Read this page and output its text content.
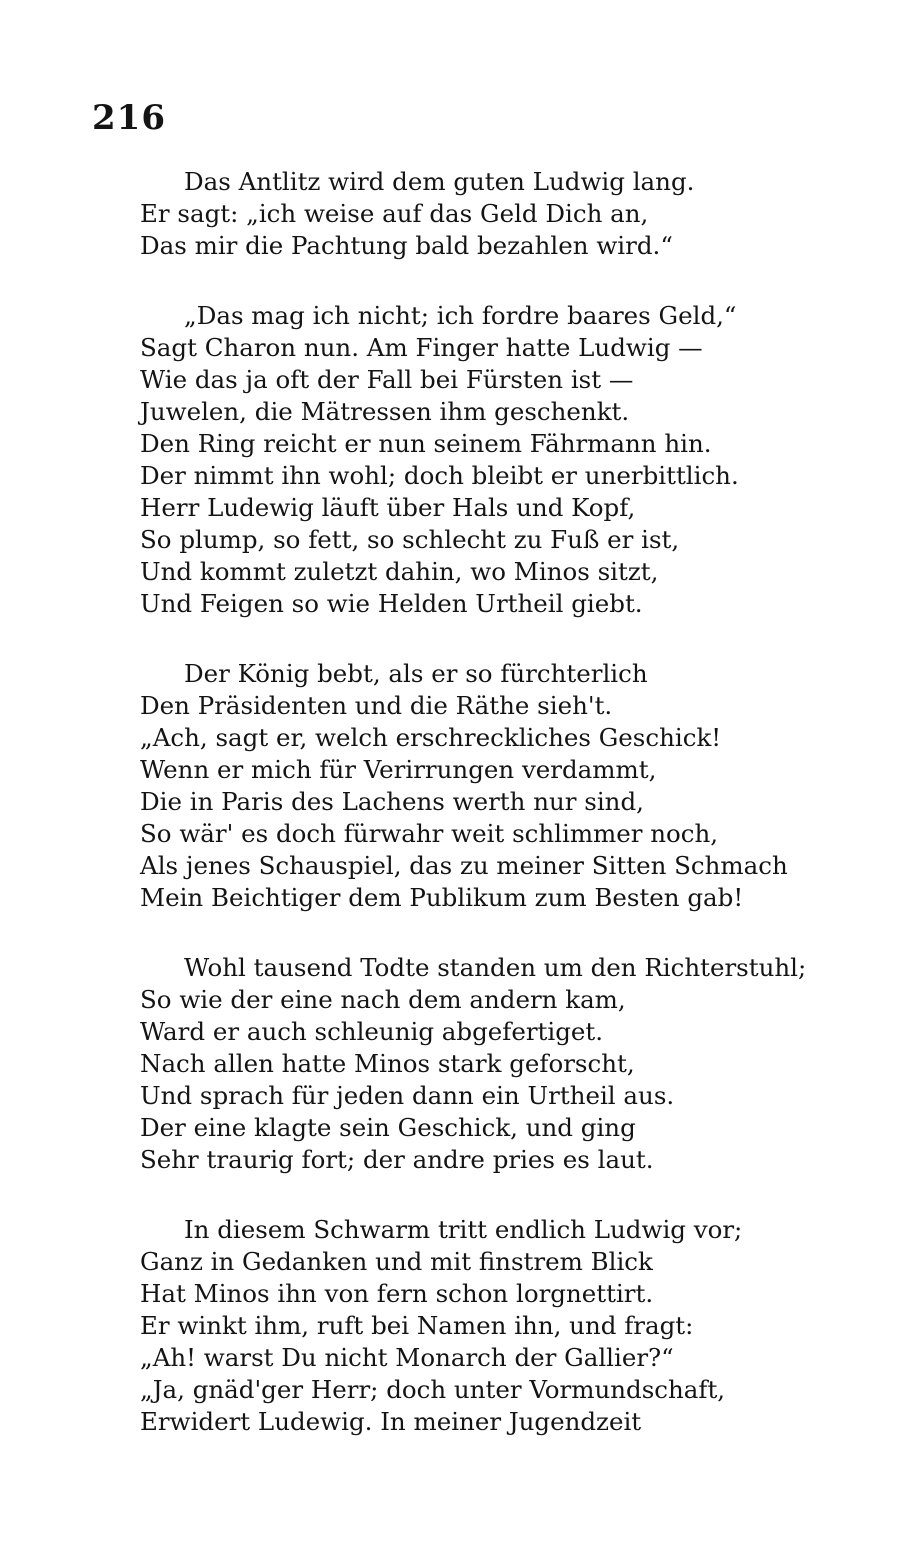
216
Das Antlitz wird dem guten Ludwig lang.
Er sagt: „ich weise auf das Geld Dich an,
Das mir die Pachtung bald bezahlen wird.“
„Das mag ich nicht; ich fordre baares Geld,“
Sagt Charon nun. Am Finger hatte Ludwig —
Wie das ja oft der Fall bei Fürsten ist —
Juwelen, die Mätressen ihm geschenkt.
Den Ring reicht er nun seinem Fährmann hin.
Der nimmt ihn wohl; doch bleibt er unerbittlich.
Herr Ludewig läuft über Hals und Kopf,
So plump, so fett, so schlecht zu Fuß er ist,
Und kommt zuletzt dahin, wo Minos sitzt,
Und Feigen so wie Helden Urtheil giebt.
Der König bebt, als er so fürchterlich
Den Präsidenten und die Räthe sieh't.
„Ach, sagt er, welch erschreckliches Geschick!
Wenn er mich für Verirrungen verdammt,
Die in Paris des Lachens werth nur sind,
So wär' es doch fürwahr weit schlimmer noch,
Als jenes Schauspiel, das zu meiner Sitten Schmach
Mein Beichtiger dem Publikum zum Besten gab!
Wohl tausend Todte standen um den Richterstuhl;
So wie der eine nach dem andern kam,
Ward er auch schleunig abgefertiget.
Nach allen hatte Minos stark geforscht,
Und sprach für jeden dann ein Urtheil aus.
Der eine klagte sein Geschick, und ging
Sehr traurig fort; der andre pries es laut.
In diesem Schwarm tritt endlich Ludwig vor;
Ganz in Gedanken und mit finstrem Blick
Hat Minos ihn von fern schon lorgnettirt.
Er winkt ihm, ruft bei Namen ihn, und fragt:
„Ah! warst Du nicht Monarch der Gallier?“
„Ja, gnäd'ger Herr; doch unter Vormundschaft,
Erwidert Ludewig. In meiner Jugendzeit
